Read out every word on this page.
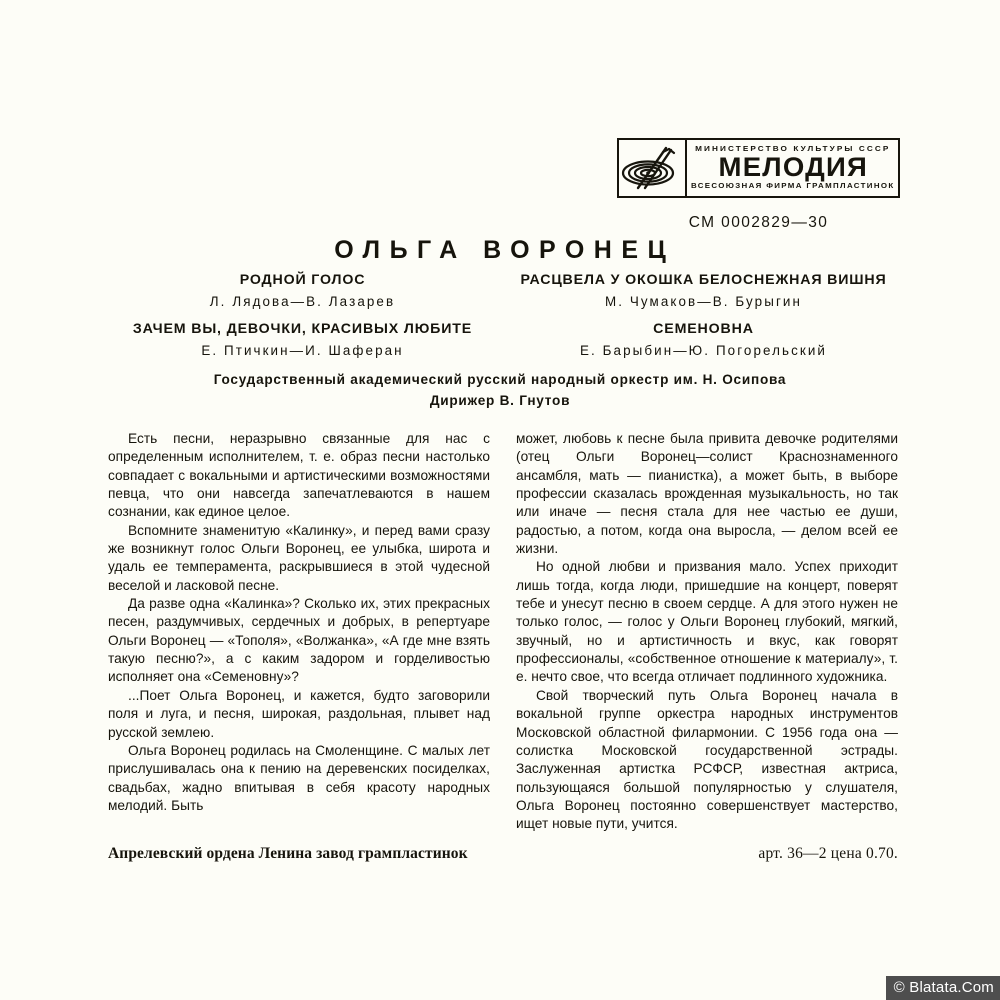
МИНИСТЕРСТВО КУЛЬТУРЫ СССР
МЕЛОДИЯ
ВСЕСОЮЗНАЯ ФИРМА ГРАМПЛАСТИНОК
СМ 0002829—30
ОЛЬГА ВОРОНЕЦ
РОДНОЙ ГОЛОС
Л. Лядова—В. Лазарев
ЗАЧЕМ ВЫ, ДЕВОЧКИ, КРАСИВЫХ ЛЮБИТЕ
Е. Птичкин—И. Шаферан
РАСЦВЕЛА У ОКОШКА БЕЛОСНЕЖНАЯ ВИШНЯ
М. Чумаков—В. Бурыгин
СЕМЕНОВНА
Е. Барыбин—Ю. Погорельский
Государственный академический русский народный оркестр им. Н. Осипова
Дирижер В. Гнутов

Есть песни, неразрывно связанные для нас с определенным исполнителем, т. е. образ песни настолько совпадает с вокальными и артистическими возможностями певца, что они навсегда запечатлеваются в нашем сознании, как единое целое.

Вспомните знаменитую «Калинку», и перед вами сразу же возникнут голос Ольги Воронец, ее улыбка, широта и удаль ее темперамента, раскрывшиеся в этой чудесной веселой и ласковой песне.

Да разве одна «Калинка»? Сколько их, этих прекрасных песен, раздумчивых, сердечных и добрых, в репертуаре Ольги Воронец — «Тополя», «Волжанка», «А где мне взять такую песню?», а с каким задором и горделивостью исполняет она «Семеновну»?

...Поет Ольга Воронец, и кажется, будто заговорили поля и луга, и песня, широкая, раздольная, плывет над русской землею.

Ольга Воронец родилась на Смоленщине. С малых лет прислушивалась она к пению на деревенских посиделках, свадьбах, жадно впитывая в себя красоту народных мелодий. Быть

может, любовь к песне была привита девочке родителями (отец Ольги Воронец—солист Краснознаменного ансамбля, мать — пианистка), а может быть, в выборе профессии сказалась врожденная музыкальность, но так или иначе — песня стала для нее частью ее души, радостью, а потом, когда она выросла, — делом всей ее жизни.

Но одной любви и призвания мало. Успех приходит лишь тогда, когда люди, пришедшие на концерт, поверят тебе и унесут песню в своем сердце. А для этого нужен не только голос, — голос у Ольги Воронец глубокий, мягкий, звучный, но и артистичность и вкус, как говорят профессионалы, «собственное отношение к материалу», т. е. нечто свое, что всегда отличает подлинного художника.

Свой творческий путь Ольга Воронец начала в вокальной группе оркестра народных инструментов Московской областной филармонии. С 1956 года она — солистка Московской государственной эстрады. Заслуженная артистка РСФСР, известная актриса, пользующаяся большой популярностью у слушателя, Ольга Воронец постоянно совершенствует мастерство, ищет новые пути, учится.

Апрелевский ордена Ленина завод грампластинок	арт. 36—2 цена 0.70.
© Blatata.Com
